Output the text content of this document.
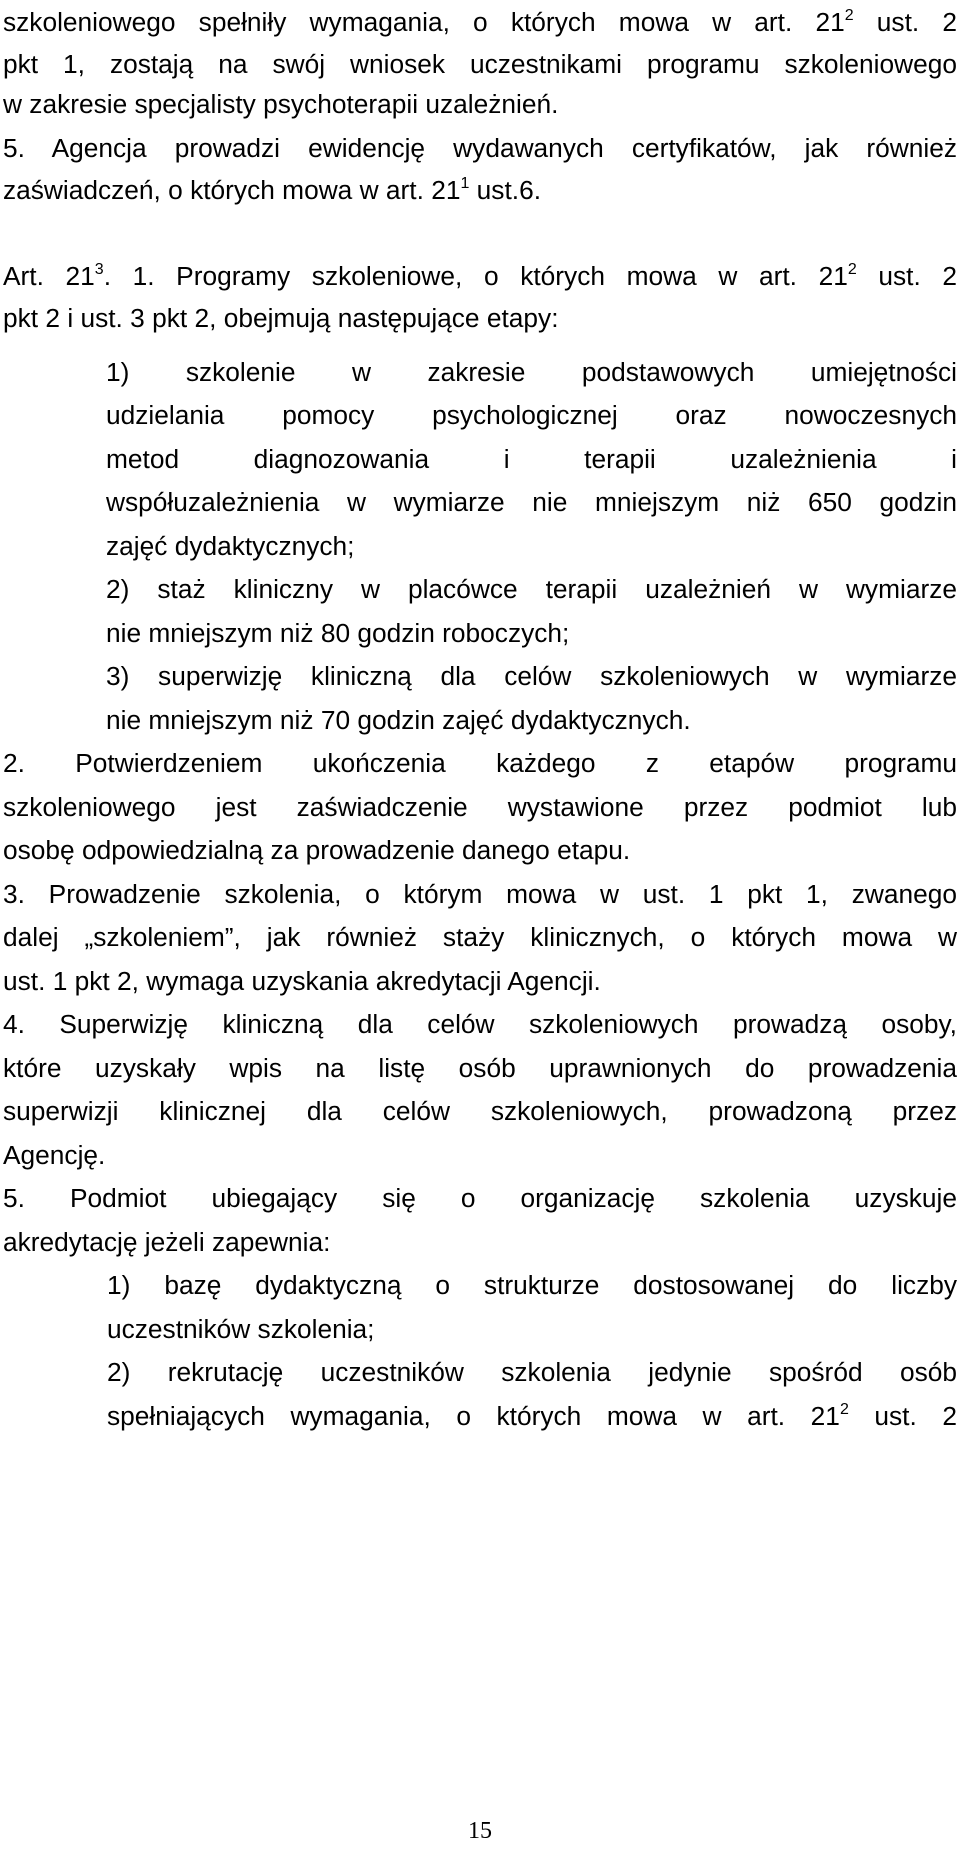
szkoleniowego spełniły wymagania, o których mowa w art. $21^2$ ust. 2
pkt 1, zostają na swój wniosek uczestnikami programu szkoleniowego
w zakresie specjalisty psychoterapii uzależnień.
5. Agencja prowadzi ewidencję wydawanych certyfikatów, jak również
zaświadczeń, o których mowa w art. $21^1$ ust.6.
Art. $21^3$. 1. Programy szkoleniowe, o których mowa w art. $21^2$ ust. 2
pkt 2 i ust. 3 pkt 2, obejmują następujące etapy:
1) szkolenie w zakresie podstawowych umiejętności
udzielania pomocy psychologicznej oraz nowoczesnych
metod diagnozowania i terapii uzależnienia i
współuzależnienia w wymiarze nie mniejszym niż 650 godzin
zajęć dydaktycznych;
2) staż kliniczny w placówce terapii uzależnień w wymiarze
nie mniejszym niż 80 godzin roboczych;
3) superwizję kliniczną dla celów szkoleniowych w wymiarze
nie mniejszym niż 70 godzin zajęć dydaktycznych.
2. Potwierdzeniem ukończenia każdego z etapów programu
szkoleniowego jest zaświadczenie wystawione przez podmiot lub
osobę odpowiedzialną za prowadzenie danego etapu.
3. Prowadzenie szkolenia, o którym mowa w ust. 1 pkt 1, zwanego
dalej „szkoleniem”, jak również staży klinicznych, o których mowa w
ust. 1 pkt 2, wymaga uzyskania akredytacji Agencji.
4. Superwizję kliniczną dla celów szkoleniowych prowadzą osoby,
które uzyskały wpis na listę osób uprawnionych do prowadzenia
superwizji klinicznej dla celów szkoleniowych, prowadzoną przez
Agencję.
5. Podmiot ubiegający się o organizację szkolenia uzyskuje
akredytację jeżeli zapewnia:
1) bazę dydaktyczną o strukturze dostosowanej do liczby
uczestników szkolenia;
2) rekrutację uczestników szkolenia jedynie spośród osób
spełniających wymagania, o których mowa w art. $21^2$ ust. 2
15
